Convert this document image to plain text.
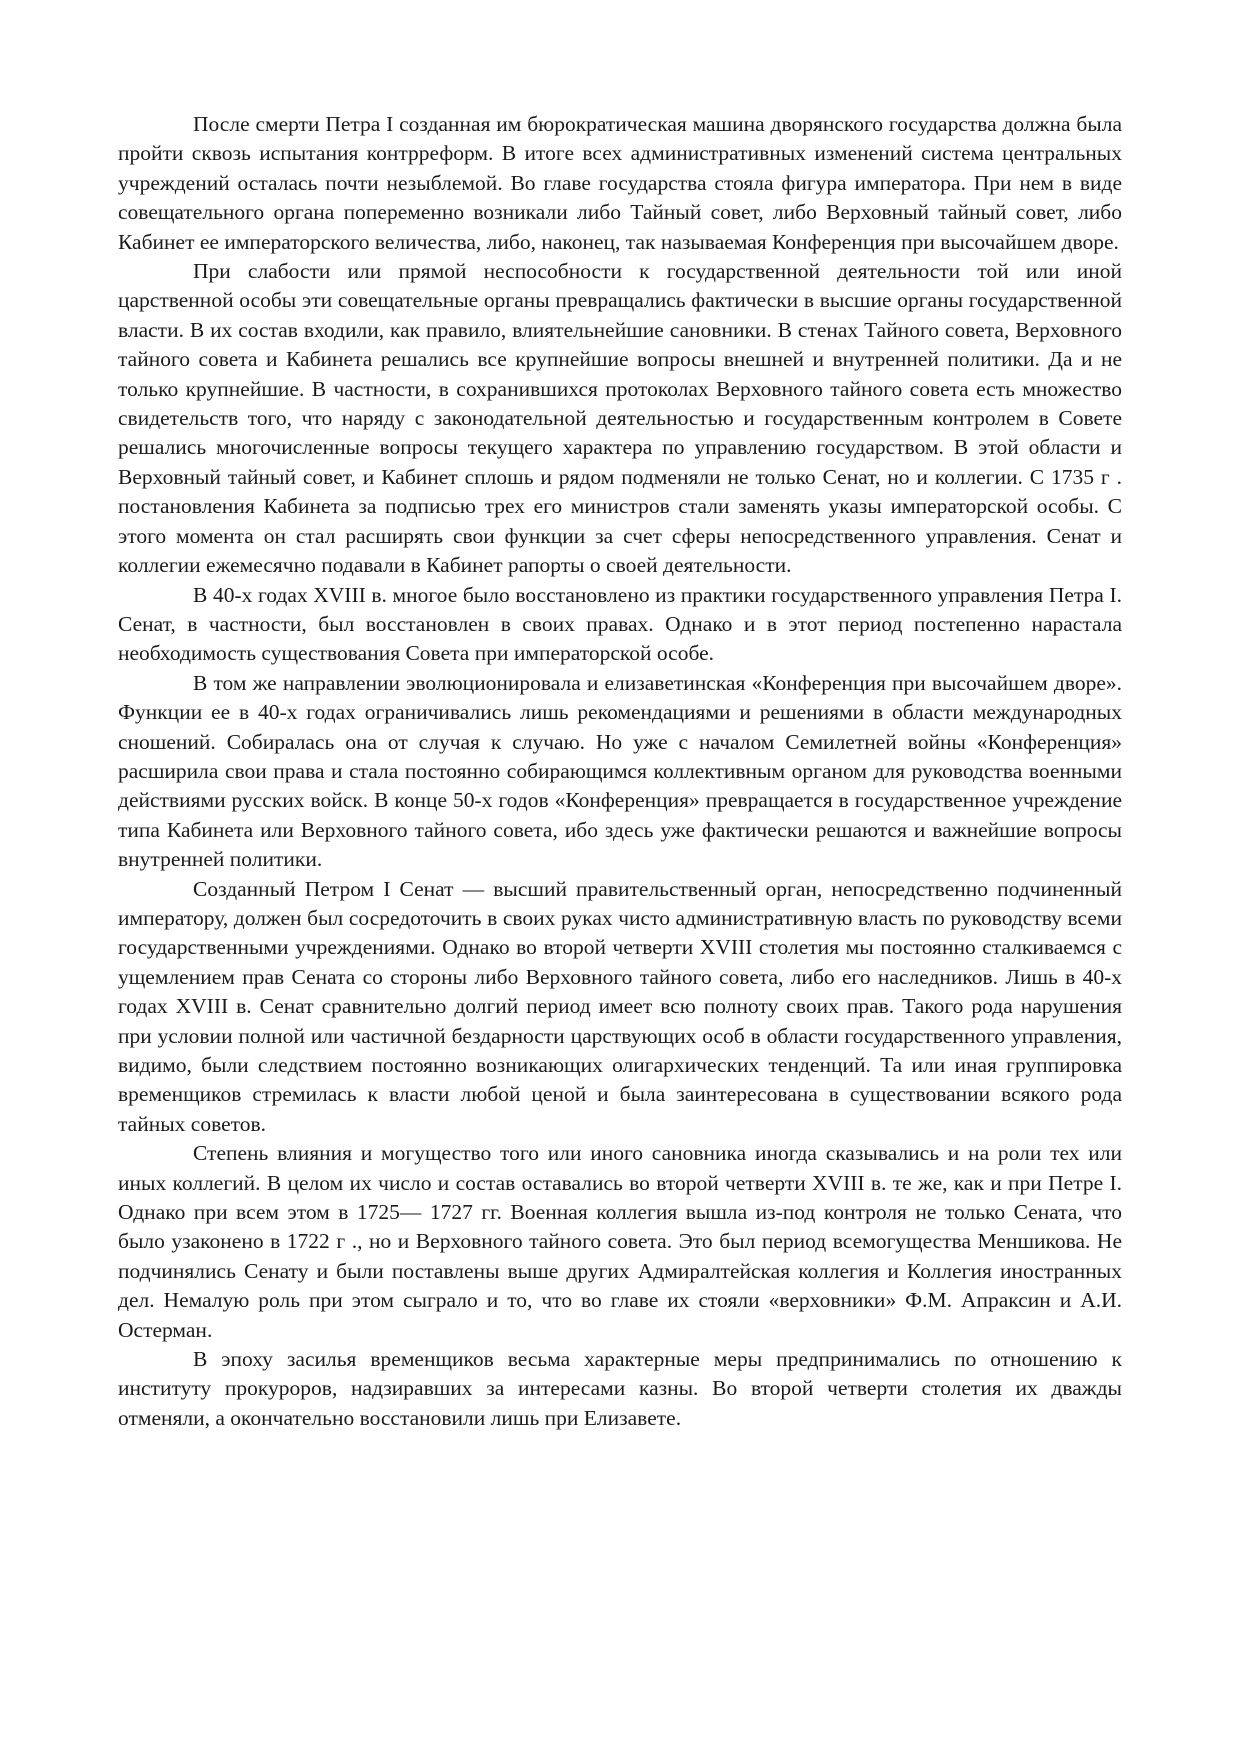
После смерти Петра I созданная им бюрократическая машина дворянского государства должна была пройти сквозь испытания контрреформ. В итоге всех административных изменений система центральных учреждений осталась почти незыблемой. Во главе государства стояла фигура императора. При нем в виде совещательного органа попеременно возникали либо Тайный совет, либо Верховный тайный совет, либо Кабинет ее императорского величества, либо, наконец, так называемая Конференция при высочайшем дворе.

При слабости или прямой неспособности к государственной деятельности той или иной царственной особы эти совещательные органы превращались фактически в высшие органы государственной власти. В их состав входили, как правило, влиятельнейшие сановники. В стенах Тайного совета, Верховного тайного совета и Кабинета решались все крупнейшие вопросы внешней и внутренней политики. Да и не только крупнейшие. В частности, в сохранившихся протоколах Верховного тайного совета есть множество свидетельств того, что наряду с законодательной деятельностью и государственным контролем в Совете решались многочисленные вопросы текущего характера по управлению государством. В этой области и Верховный тайный совет, и Кабинет сплошь и рядом подменяли не только Сенат, но и коллегии. С 1735 г . постановления Кабинета за подписью трех его министров стали заменять указы императорской особы. С этого момента он стал расширять свои функции за счет сферы непосредственного управления. Сенат и коллегии ежемесячно подавали в Кабинет рапорты о своей деятельности.

В 40-х годах XVIII в. многое было восстановлено из практики государственного управления Петра I. Сенат, в частности, был восстановлен в своих правах. Однако и в этот период постепенно нарастала необходимость существования Совета при императорской особе.

В том же направлении эволюционировала и елизаветинская «Конференция при высочайшем дворе». Функции ее в 40-х годах ограничивались лишь рекомендациями и решениями в области международных сношений. Собиралась она от случая к случаю. Но уже с началом Семилетней войны «Конференция» расширила свои права и стала постоянно собирающимся коллективным органом для руководства военными действиями русских войск. В конце 50-х годов «Конференция» превращается в государственное учреждение типа Кабинета или Верховного тайного совета, ибо здесь уже фактически решаются и важнейшие вопросы внутренней политики.

Созданный Петром I Сенат — высший правительственный орган, непосредственно подчиненный императору, должен был сосредоточить в своих руках чисто административную власть по руководству всеми государственными учреждениями. Однако во второй четверти XVIII столетия мы постоянно сталкиваемся с ущемлением прав Сената со стороны либо Верховного тайного совета, либо его наследников. Лишь в 40-х годах XVIII в. Сенат сравнительно долгий период имеет всю полноту своих прав. Такого рода нарушения при условии полной или частичной бездарности царствующих особ в области государственного управления, видимо, были следствием постоянно возникающих олигархических тенденций. Та или иная группировка временщиков стремилась к власти любой ценой и была заинтересована в существовании всякого рода тайных советов.

Степень влияния и могущество того или иного сановника иногда сказывались и на роли тех или иных коллегий. В целом их число и состав оставались во второй четверти XVIII в. те же, как и при Петре I. Однако при всем этом в 1725— 1727 гг. Военная коллегия вышла из-под контроля не только Сената, что было узаконено в 1722 г ., но и Верховного тайного совета. Это был период всемогущества Меншикова. Не подчинялись Сенату и были поставлены выше других Адмиралтейская коллегия и Коллегия иностранных дел. Немалую роль при этом сыграло и то, что во главе их стояли «верховники» Ф.М. Апраксин и А.И. Остерман.

В эпоху засилья временщиков весьма характерные меры предпринимались по отношению к институту прокуроров, надзиравших за интересами казны. Во второй четверти столетия их дважды отменяли, а окончательно восстановили лишь при Елизавете.
